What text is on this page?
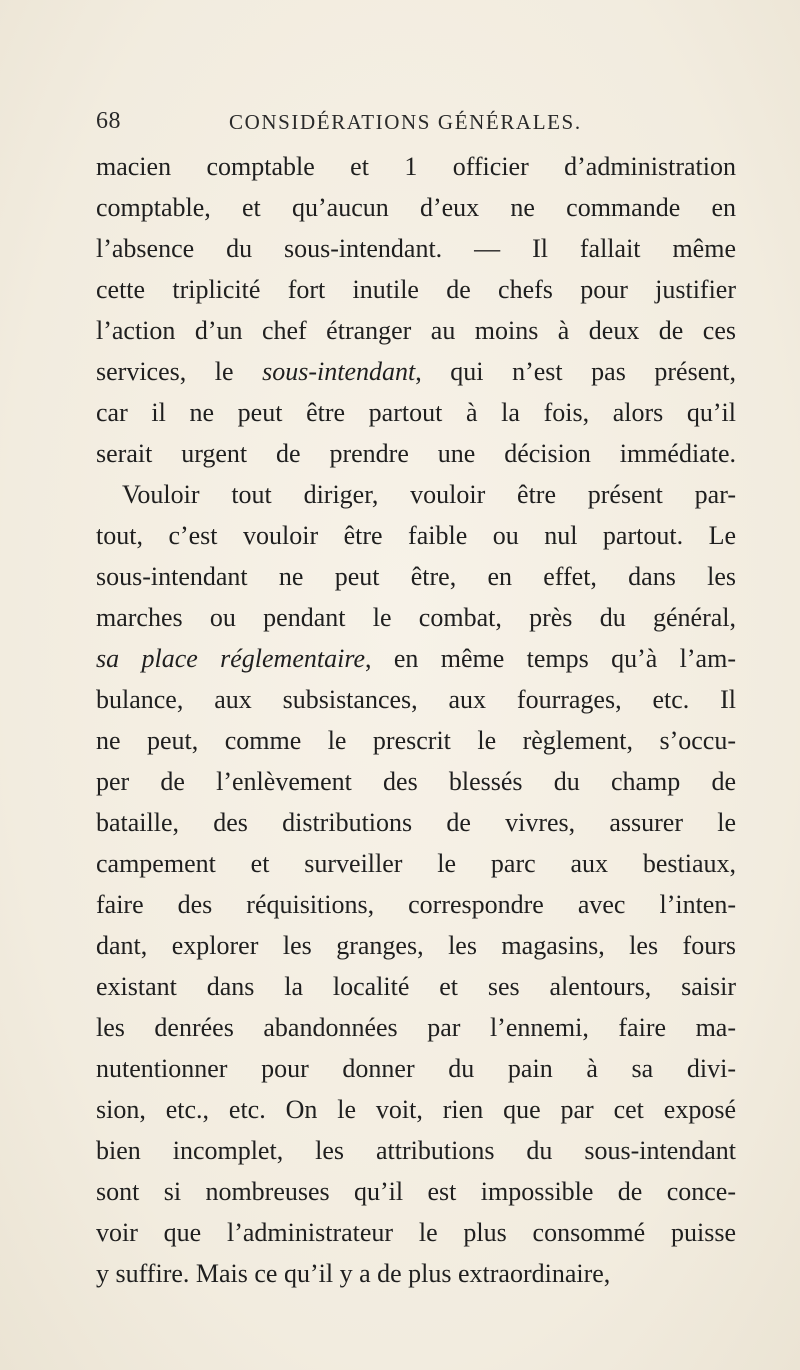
68	CONSIDÉRATIONS GÉNÉRALES.
macien comptable et 1 officier d’administration
comptable, et qu’aucun d’eux ne commande en
l’absence du sous-intendant. — Il fallait même
cette triplicité fort inutile de chefs pour justifier
l’action d’un chef étranger au moins à deux de ces
services, le sous-intendant, qui n’est pas présent,
car il ne peut être partout à la fois, alors qu’il
serait urgent de prendre une décision immédiate.
Vouloir tout diriger, vouloir être présent par-
tout, c’est vouloir être faible ou nul partout. Le
sous-intendant ne peut être, en effet, dans les
marches ou pendant le combat, près du général,
sa place réglementaire, en même temps qu’à l’am-
bulance, aux subsistances, aux fourrages, etc. Il
ne peut, comme le prescrit le règlement, s’occu-
per de l’enlèvement des blessés du champ de
bataille, des distributions de vivres, assurer le
campement et surveiller le parc aux bestiaux,
faire des réquisitions, correspondre avec l’inten-
dant, explorer les granges, les magasins, les fours
existant dans la localité et ses alentours, saisir
les denrées abandonnées par l’ennemi, faire ma-
nutentionner pour donner du pain à sa divi-
sion, etc., etc. On le voit, rien que par cet exposé
bien incomplet, les attributions du sous-intendant
sont si nombreuses qu’il est impossible de conce-
voir que l’administrateur le plus consommé puisse
y suffire. Mais ce qu’il y a de plus extraordinaire,
